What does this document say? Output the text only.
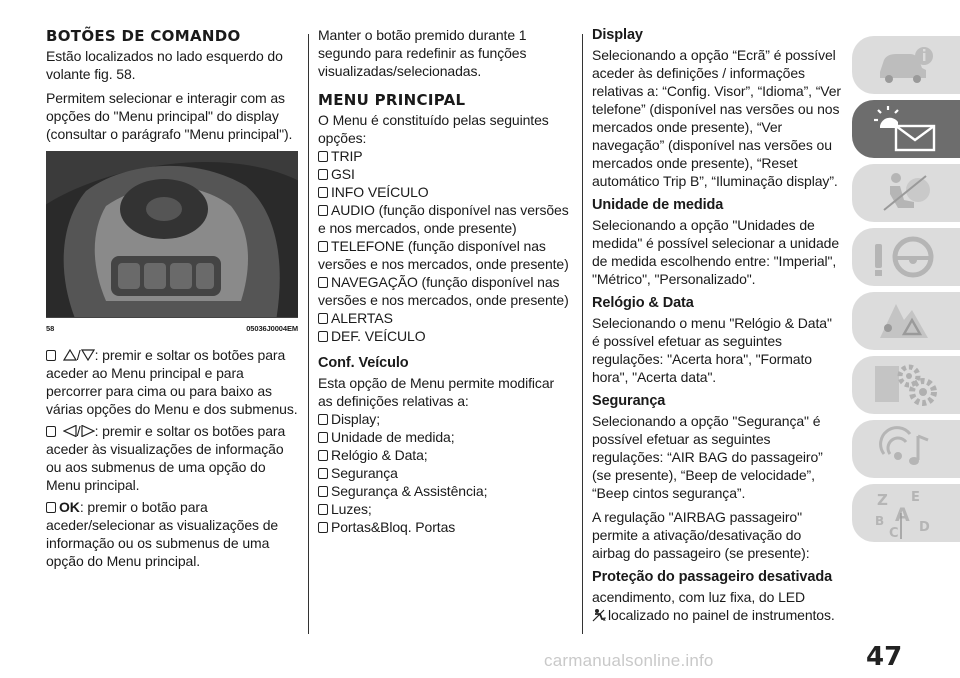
BOTÕES DE COMANDO

Estão localizados no lado esquerdo do volante fig. 58.

Permitem selecionar e interagir com as opções do "Menu principal" do display (consultar o parágrafo "Menu principal").

58	05036J0004EM
/ : premir e soltar os botões para aceder ao Menu principal e para percorrer para cima ou para baixo as várias opções do Menu e dos submenus.
/ : premir e soltar os botões para aceder às visualizações de informação ou aos submenus de uma opção do Menu principal.
OK: premir o botão para aceder/selecionar as visualizações de informação ou os submenus de uma opção do Menu principal.

Manter o botão premido durante 1 segundo para redefinir as funções visualizadas/selecionadas.

MENU PRINCIPAL
O Menu é constituído pelas seguintes opções:
TRIP
GSI
INFO VEÍCULO
AUDIO (função disponível nas versões e nos mercados, onde presente)
TELEFONE (função disponível nas versões e nos mercados, onde presente)
NAVEGAÇÃO (função disponível nas versões e nos mercados, onde presente)
ALERTAS
DEF. VEÍCULO
Conf. Veículo
Esta opção de Menu permite modificar as definições relativas a:
Display;
Unidade de medida;
Relógio & Data;
Segurança
Segurança & Assistência;
Luzes;
Portas&Bloq. Portas
Display

Selecionando a opção “Ecrã” é possível aceder às definições / informações relativas a: “Config. Visor”, “Idioma”, “Ver telefone” (disponível nas versões ou nos mercados onde presente), “Ver navegação” (disponível nas versões ou mercados onde presente), “Reset automático Trip B”, “Iluminação display”.

Unidade de medida

Selecionando a opção "Unidades de medida" é possível selecionar a unidade de medida escolhendo entre: "Imperial", "Métrico", "Personalizado".

Relógio & Data

Selecionando o menu "Relógio & Data" é possível efetuar as seguintes regulações: "Acerta hora", "Formato hora", "Acerta data".

Segurança

Selecionando a opção "Segurança" é possível efetuar as seguintes regulações: “AIR BAG do passageiro” (se presente), “Beep de velocidade”, “Beep cintos segurança”.

A regulação "AIRBAG passageiro" permite a ativação/desativação do airbag do passageiro (se presente):

Proteção do passageiro desativada
acendimento, com luz fixa, do LED

2 localizado no painel de instrumentos.
Z E
B A
C D
47
carmanualsonline.info
